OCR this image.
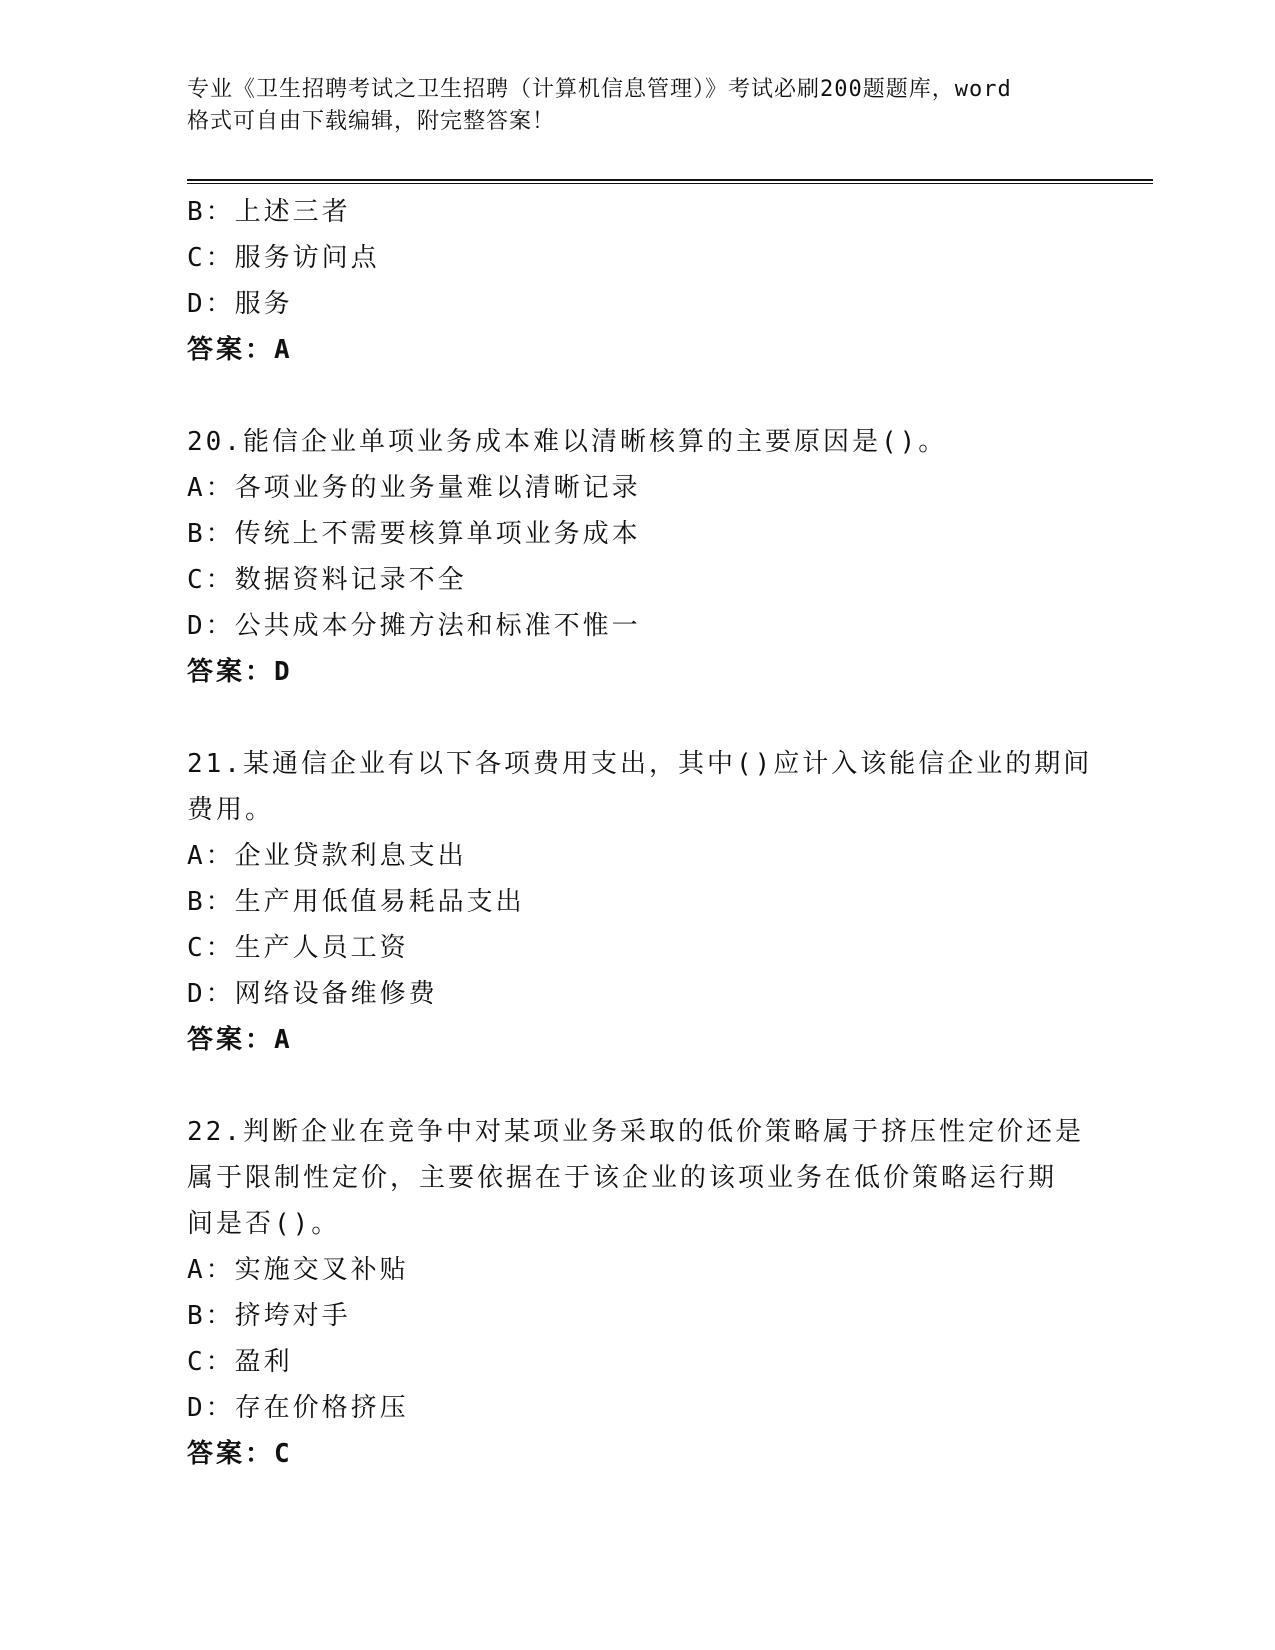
专业《卫生招聘考试之卫生招聘（计算机信息管理）》考试必刷200题题库，word
格式可自由下载编辑，附完整答案！
B：上述三者
C：服务访问点
D：服务
答案：A
20.能信企业单项业务成本难以清晰核算的主要原因是()。
A：各项业务的业务量难以清晰记录
B：传统上不需要核算单项业务成本
C：数据资料记录不全
D：公共成本分摊方法和标准不惟一
答案：D
21.某通信企业有以下各项费用支出，其中()应计入该能信企业的期间
费用。
A：企业贷款利息支出
B：生产用低值易耗品支出
C：生产人员工资
D：网络设备维修费
答案：A
22.判断企业在竞争中对某项业务采取的低价策略属于挤压性定价还是
属于限制性定价，主要依据在于该企业的该项业务在低价策略运行期
间是否()。
A：实施交叉补贴
B：挤垮对手
C：盈利
D：存在价格挤压
答案：C
